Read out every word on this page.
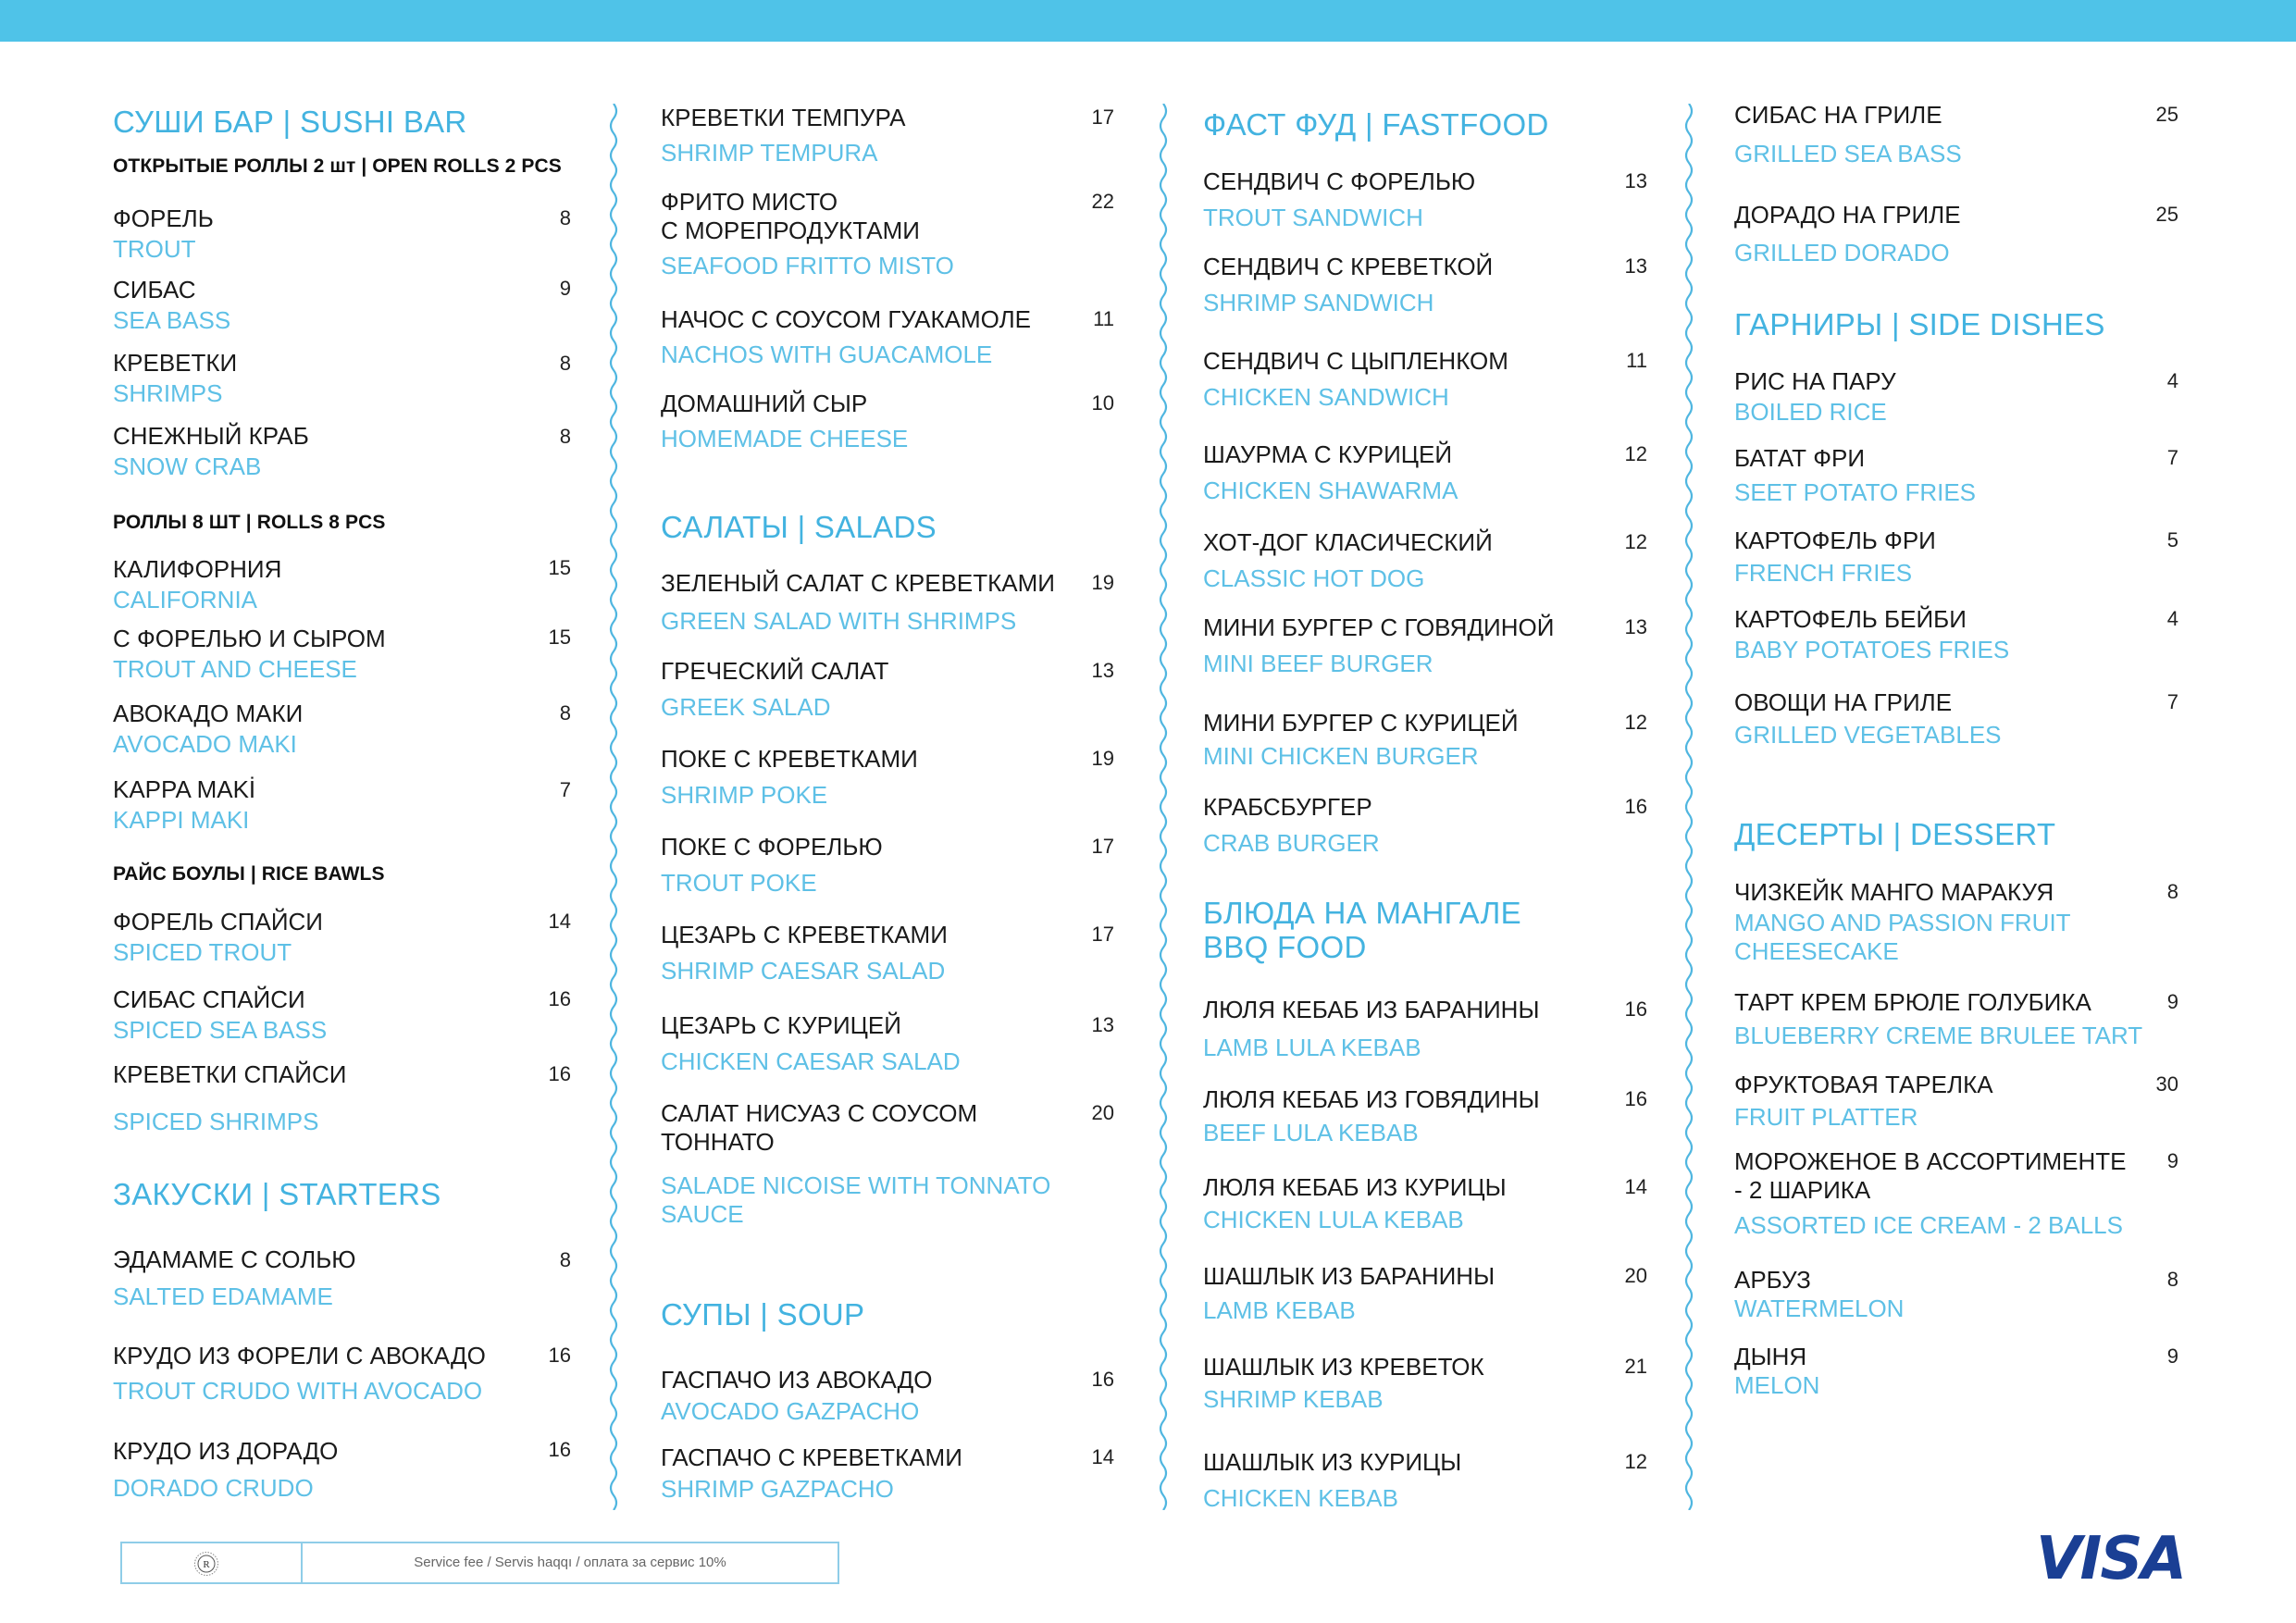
СУШИ БАР | SUSHI BAR
ОТКРЫТЫЕ РОЛЛЫ 2 шт | OPEN ROLLS 2 PCS
ФОРЕЛЬ
TROUT
8
СИБАС
SEA BASS
9
КРЕВЕТКИ
SHRIMPS
8
СНЕЖНЫЙ КРАБ
SNOW CRAB
8
РОЛЛЫ 8 ШТ | ROLLS 8 PCS
КАЛИФОРНИЯ
CALIFORNIA
15
С ФОРЕЛЬЮ И СЫРОМ
TROUT AND CHEESE
15
АВОКАДО МАКИ
AVOCADO MAKI
8
KAPPA MAKİ
KAPPI MAKI
7
РАЙС БОУЛЫ | RICE BAWLS
ФОРЕЛЬ СПАЙСИ
SPICED TROUT
14
СИБАС СПАЙСИ
SPICED SEA BASS
16
КРЕВЕТКИ СПАЙСИ
SPICED SHRIMPS
16
ЗАКУСКИ | STARTERS
ЭДАМАМЕ С СОЛЬЮ
SALTED EDAMAME
8
КРУДО ИЗ ФОРЕЛИ С АВОКАДО
TROUT CRUDO WITH AVOCADO
16
КРУДО ИЗ ДОРАДО
DORADO CRUDO
16
КРЕВЕТКИ ТЕМПУРА
SHRIMP TEMPURA
17
ФРИТО МИСТО
С МОРЕПРОДУКТАМИ
SEAFOOD FRITTO MISTO
22
НАЧОС С СОУСОМ ГУАКАМОЛЕ
NACHOS WITH GUACAMOLE
11
ДОМАШНИЙ СЫР
HOMEMADE CHEESE
10
САЛАТЫ | SALADS
ЗЕЛЕНЫЙ САЛАТ С КРЕВЕТКАМИ
GREEN SALAD WITH SHRIMPS
19
ГРЕЧЕСКИЙ САЛАТ
GREEK SALAD
13
ПОКЕ С КРЕВЕТКАМИ
SHRIMP POKE
19
ПОКЕ С ФОРЕЛЬЮ
TROUT POKE
17
ЦЕЗАРЬ С КРЕВЕТКАМИ
SHRIMP CAESAR SALAD
17
ЦЕЗАРЬ С КУРИЦЕЙ
CHICKEN CAESAR SALAD
13
САЛАТ НИСУАЗ С СОУСОМ
ТОННАТО
SALADE NICOISE WITH TONNATO
SAUCE
20
СУПЫ | SOUP
ГАСПАЧО ИЗ АВОКАДО
AVOCADO GAZPACHO
16
ГАСПАЧО С КРЕВЕТКАМИ
SHRIMP GAZPACHO
14
ФАСТ ФУД | FASTFOOD
СЕНДВИЧ С ФОРЕЛЬЮ
TROUT SANDWICH
13
СЕНДВИЧ С КРЕВЕТКОЙ
SHRIMP SANDWICH
13
СЕНДВИЧ С ЦЫПЛЕНКОМ
CHICKEN SANDWICH
11
ШАУРМА С КУРИЦЕЙ
CHICKEN SHAWARMA
12
ХОТ-ДОГ КЛАСИЧЕСКИЙ
CLASSIC HOT DOG
12
МИНИ БУРГЕР С ГОВЯДИНОЙ
MINI BEEF BURGER
13
МИНИ БУРГЕР С КУРИЦЕЙ
MINI CHICKEN BURGER
12
КРАБСБУРГЕР
CRAB BURGER
16
БЛЮДА НА МАНГАЛЕ
BBQ FOOD
ЛЮЛЯ КЕБАБ ИЗ БАРАНИНЫ
LAMB LULA KEBAB
16
ЛЮЛЯ КЕБАБ ИЗ ГОВЯДИНЫ
BEEF LULA KEBAB
16
ЛЮЛЯ КЕБАБ ИЗ КУРИЦЫ
CHICKEN LULA KEBAB
14
ШАШЛЫК ИЗ БАРАНИНЫ
LAMB KEBAB
20
ШАШЛЫК ИЗ КРЕВЕТОК
SHRIMP KEBAB
21
ШАШЛЫК ИЗ КУРИЦЫ
CHICKEN KEBAB
12
СИБАС НА ГРИЛЕ
GRILLED SEA BASS
25
ДОРАДО НА ГРИЛЕ
GRILLED DORADO
25
ГАРНИРЫ | SIDE DISHES
РИС НА ПАРУ
BOILED RICE
4
БАТАТ ФРИ
SEET POTATO FRIES
7
КАРТОФЕЛЬ ФРИ
FRENCH FRIES
5
КАРТОФЕЛЬ БЕЙБИ
BABY POTATOES FRIES
4
ОВОЩИ НА ГРИЛЕ
GRILLED VEGETABLES
7
ДЕСЕРТЫ | DESSERT
ЧИЗКЕЙК МАНГО МАРАКУЯ
MANGO AND PASSION FRUIT
CHEESECAKE
8
ТАРТ КРЕМ БРЮЛЕ ГОЛУБИКА
BLUEBERRY CREME BRULEE TART
9
ФРУКТОВАЯ ТАРЕЛКА
FRUIT PLATTER
30
МОРОЖЕНОЕ В АССОРТИМЕНТЕ
- 2 ШАРИКА
ASSORTED ICE CREAM - 2 BALLS
9
АРБУЗ
WATERMELON
8
ДЫНЯ
MELON
9
R	Service fee / Servis haqqı / оплата за сервис 10%	VISA
